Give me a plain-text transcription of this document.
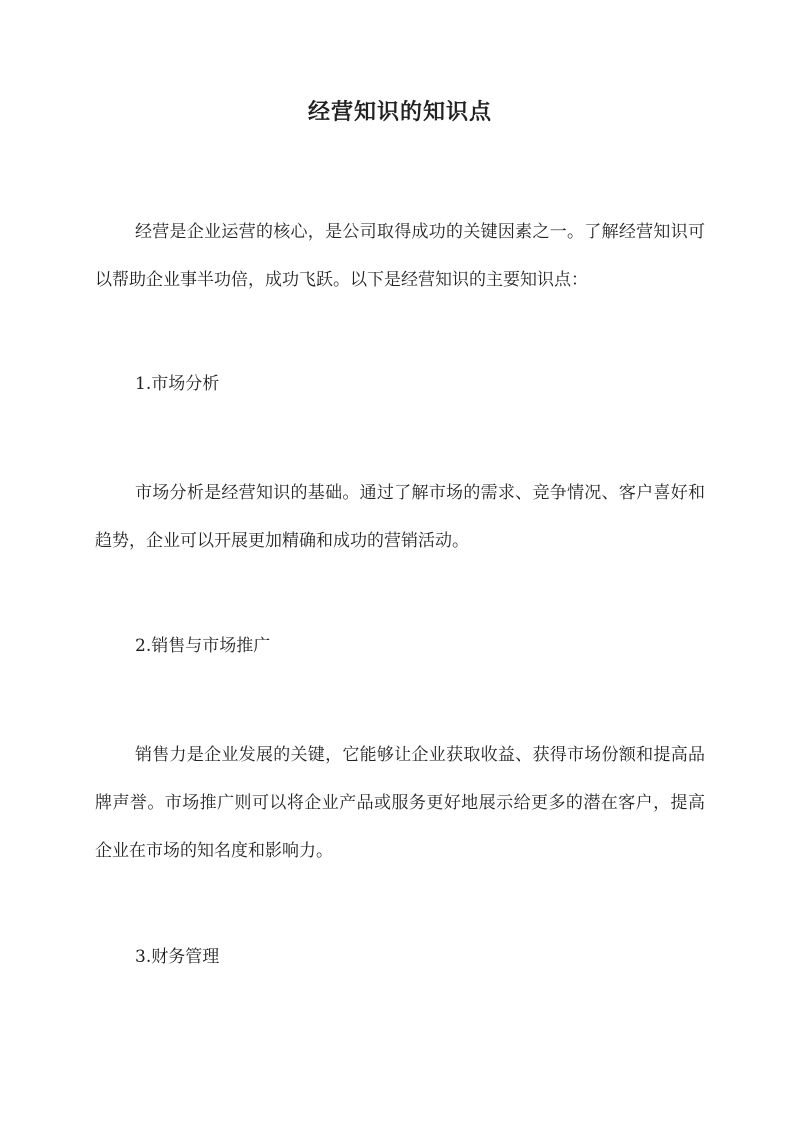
经营知识的知识点

经营是企业运营的核心，是公司取得成功的关键因素之一。了解经营知识可以帮助企业事半功倍，成功飞跃。以下是经营知识的主要知识点：

1.市场分析

市场分析是经营知识的基础。通过了解市场的需求、竞争情况、客户喜好和趋势，企业可以开展更加精确和成功的营销活动。

2.销售与市场推广

销售力是企业发展的关键，它能够让企业获取收益、获得市场份额和提高品牌声誉。市场推广则可以将企业产品或服务更好地展示给更多的潜在客户，提高企业在市场的知名度和影响力。

3.财务管理
